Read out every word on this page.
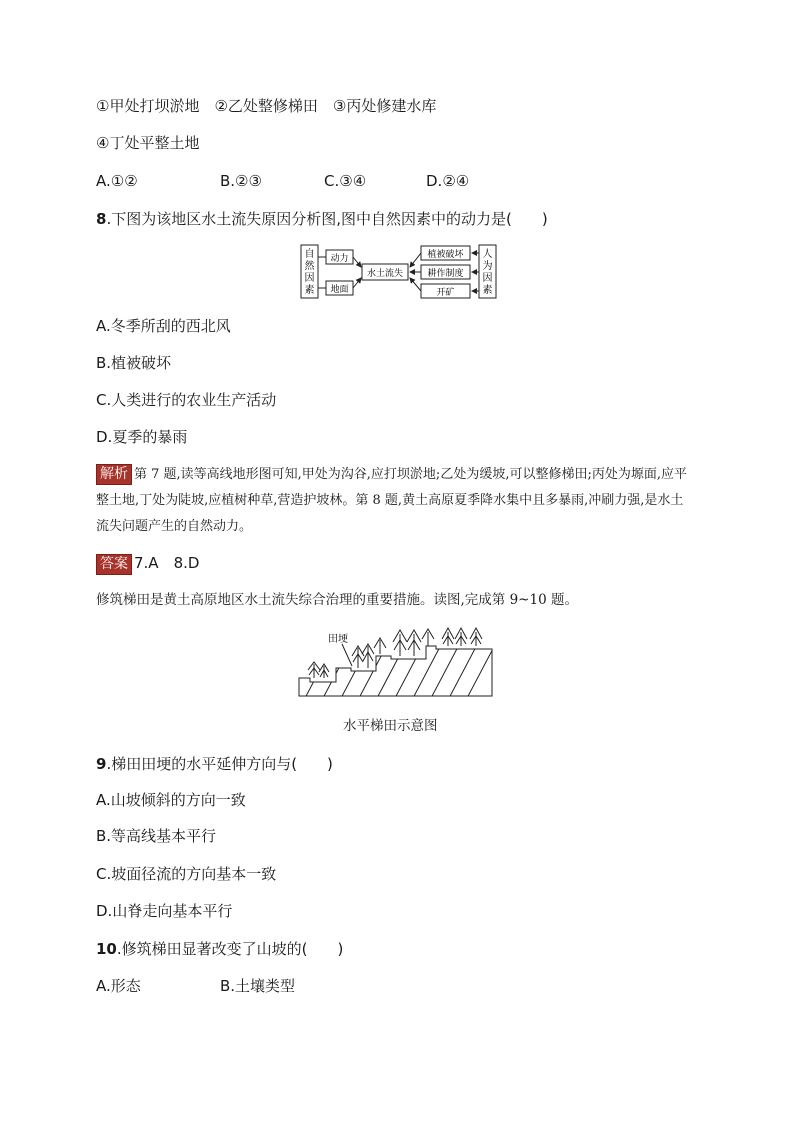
①甲处打坝淤地　②乙处整修梯田　③丙处修建水库
④丁处平整土地
A.①②	B.②③	C.③④	D.②④
8.下图为该地区水土流失原因分析图,图中自然因素中的动力是(　　)
自
然
因
素
动力
地面
水土流失
植被破坏
耕作制度
开矿
人
为
因
素
A.冬季所刮的西北风
B.植被破坏
C.人类进行的农业生产活动
D.夏季的暴雨
解析 第 7 题,读等高线地形图可知,甲处为沟谷,应打坝淤地;乙处为缓坡,可以整修梯田;丙处为塬面,应平整土地,丁处为陡坡,应植树种草,营造护坡林。第 8 题,黄土高原夏季降水集中且多暴雨,冲刷力强,是水土流失问题产生的自然动力。
答案 7.A　8.D
修筑梯田是黄土高原地区水土流失综合治理的重要措施。读图,完成第 9~10 题。
田埂
水平梯田示意图
9.梯田田埂的水平延伸方向与(　　)
A.山坡倾斜的方向一致
B.等高线基本平行
C.坡面径流的方向基本一致
D.山脊走向基本平行
10.修筑梯田显著改变了山坡的(　　)
A.形态	B.土壤类型
